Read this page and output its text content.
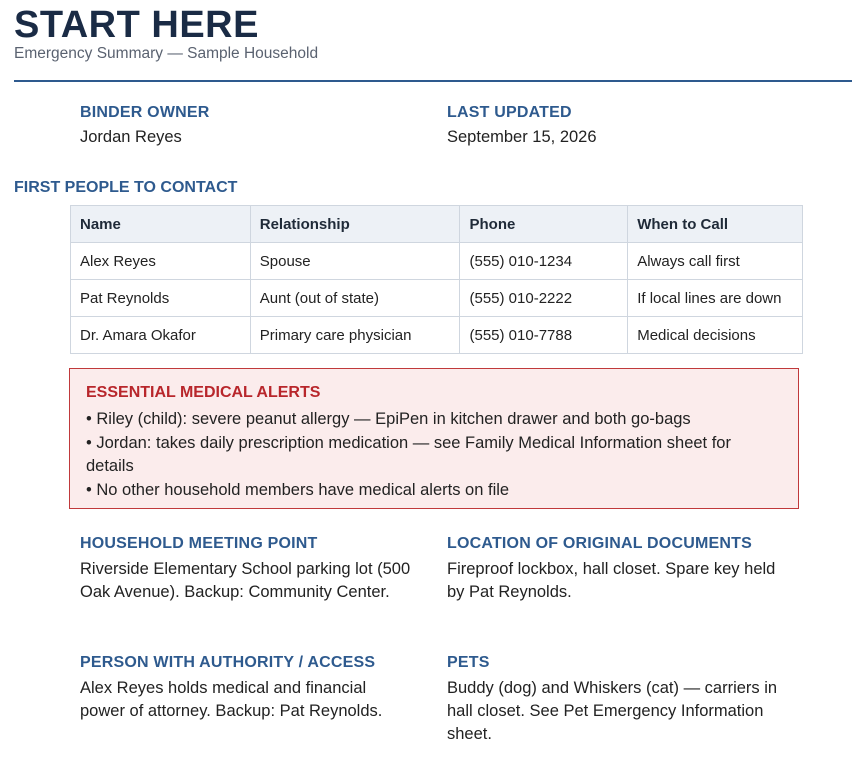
START HERE
Emergency Summary — Sample Household
BINDER OWNER
Jordan Reyes
LAST UPDATED
September 15, 2026
FIRST PEOPLE TO CONTACT
Name	Relationship	Phone	When to Call
Alex Reyes	Spouse	(555) 010-1234	Always call first
Pat Reynolds	Aunt (out of state)	(555) 010-2222	If local lines are down
Dr. Amara Okafor	Primary care physician	(555) 010-7788	Medical decisions
ESSENTIAL MEDICAL ALERTS
• Riley (child): severe peanut allergy — EpiPen in kitchen drawer and both go-bags
• Jordan: takes daily prescription medication — see Family Medical Information sheet for details
• No other household members have medical alerts on file
HOUSEHOLD MEETING POINT
Riverside Elementary School parking lot (500 Oak Avenue). Backup: Community Center.
LOCATION OF ORIGINAL DOCUMENTS
Fireproof lockbox, hall closet. Spare key held by Pat Reynolds.
PERSON WITH AUTHORITY / ACCESS
Alex Reyes holds medical and financial power of attorney. Backup: Pat Reynolds.
PETS
Buddy (dog) and Whiskers (cat) — carriers in hall closet. See Pet Emergency Information sheet.
